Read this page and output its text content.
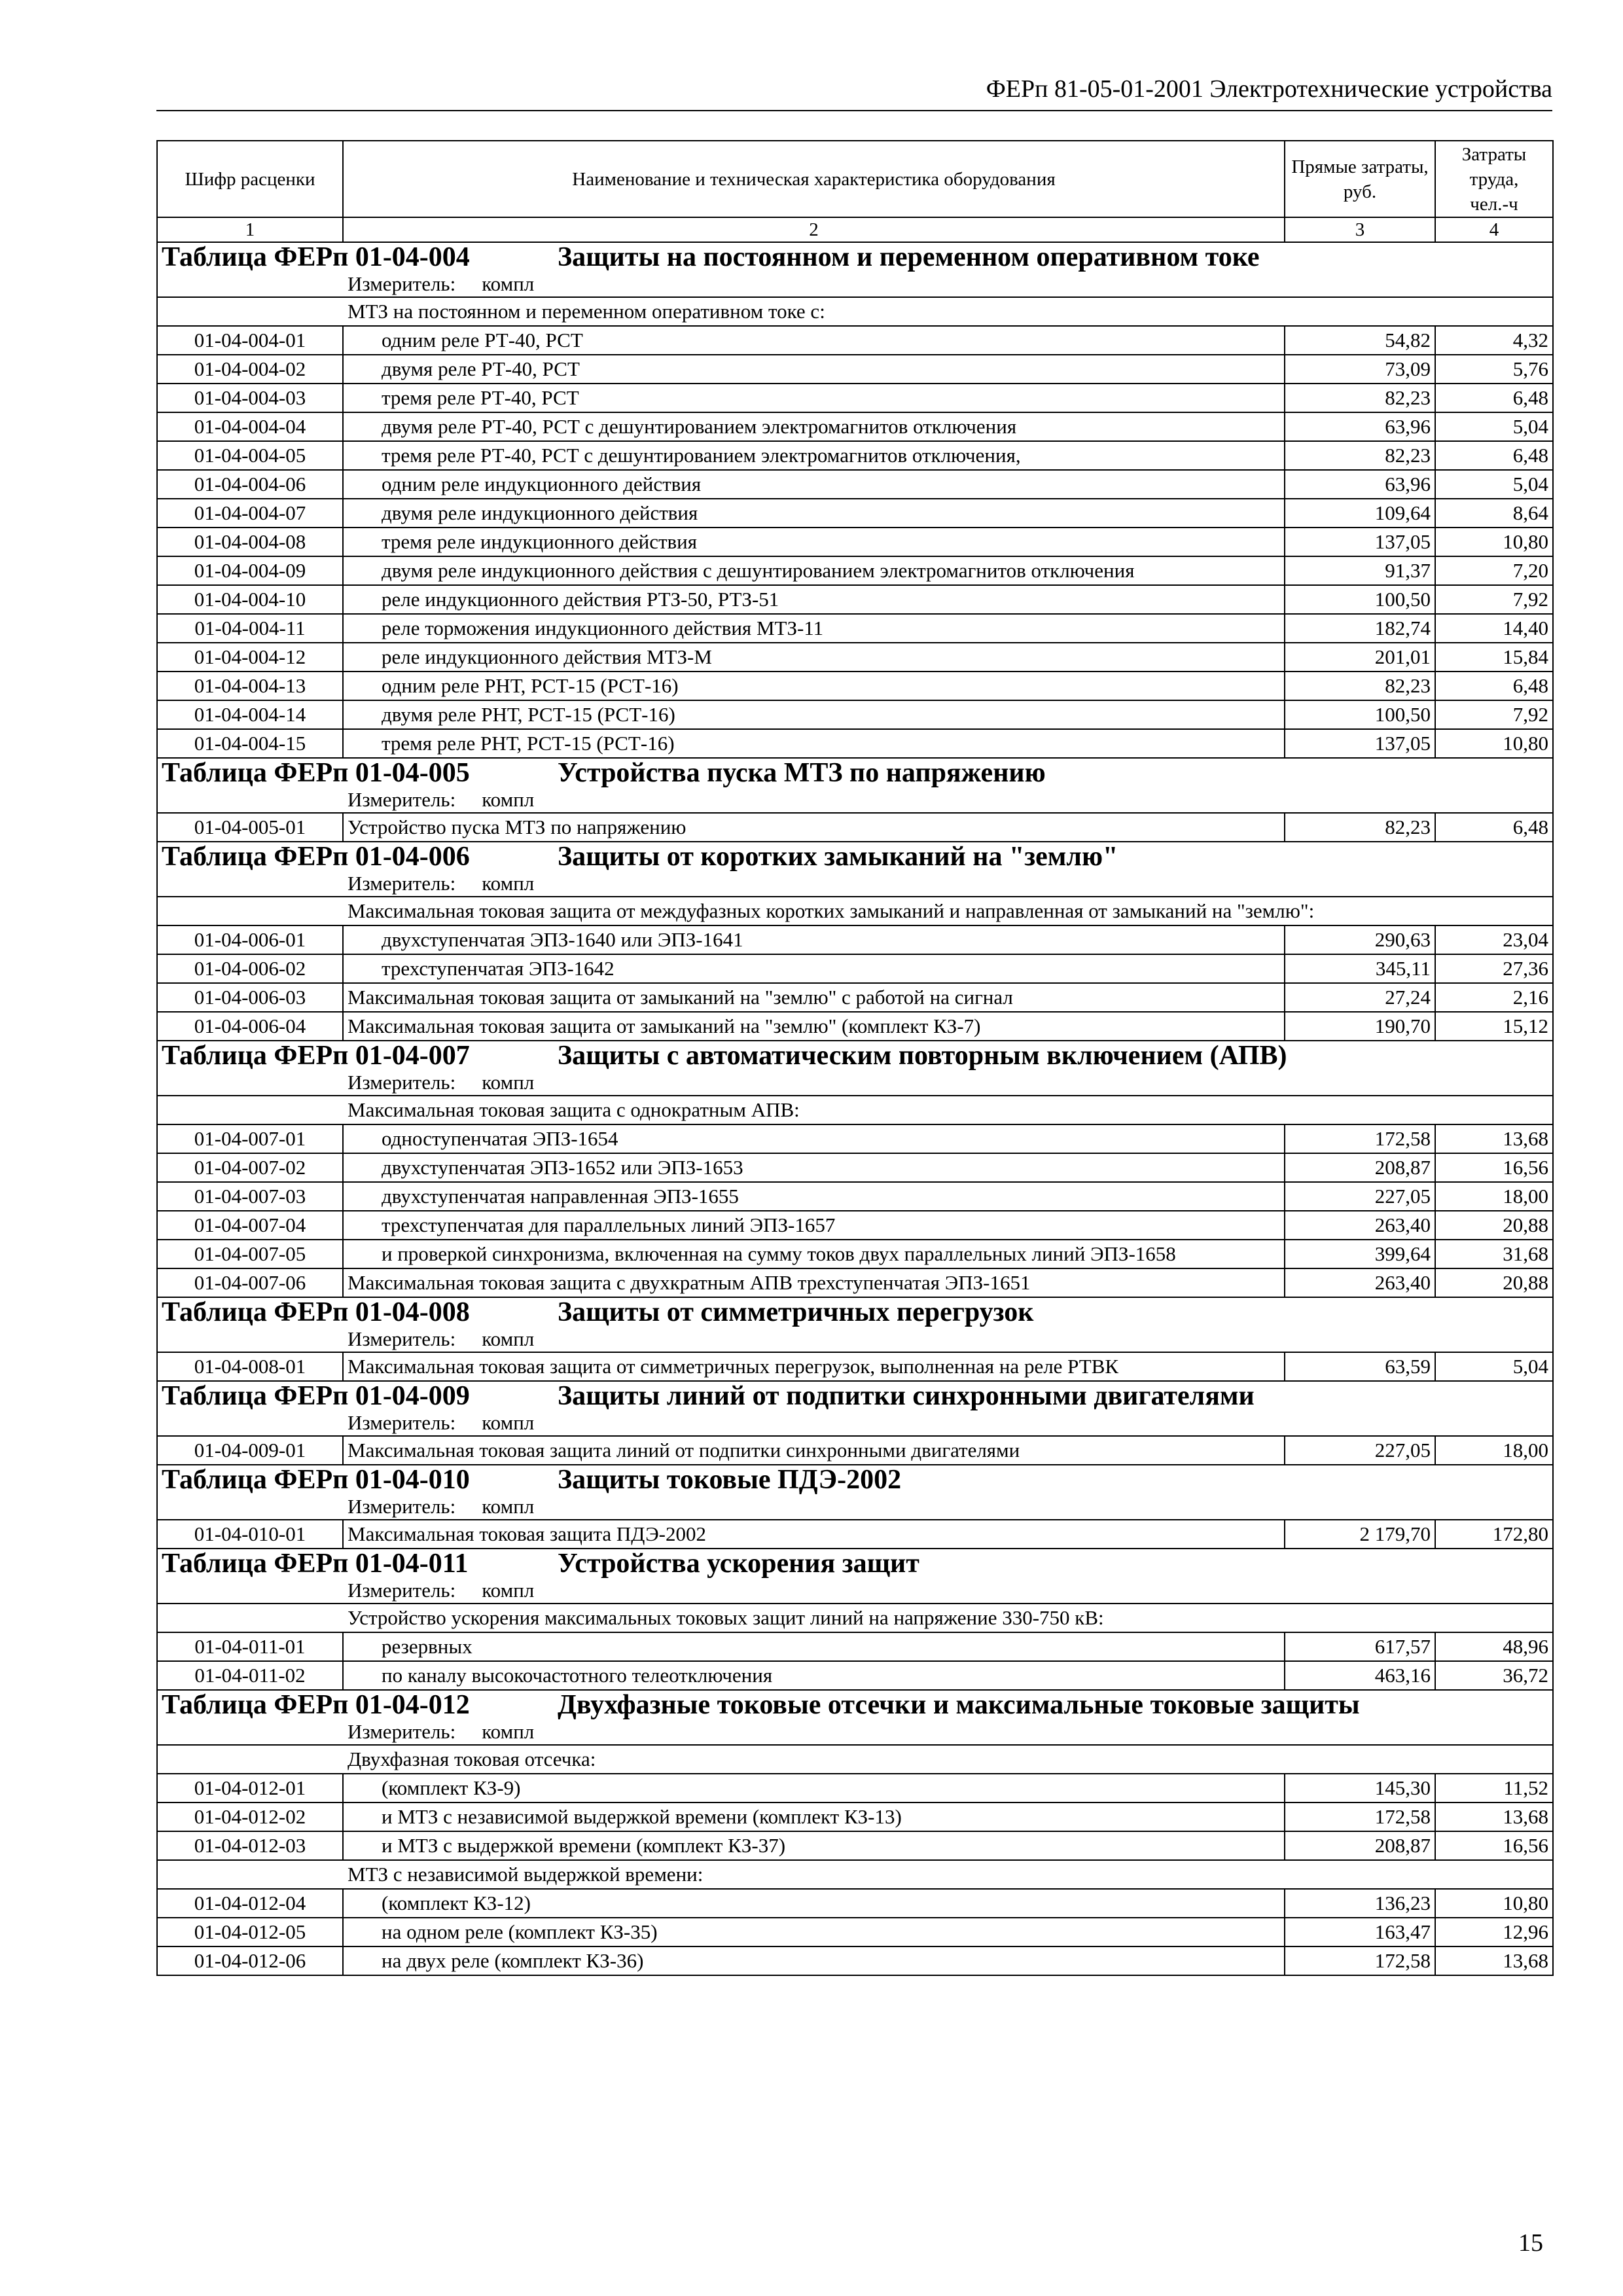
ФЕРп 81-05-01-2001 Электротехнические устройства
Шифр расценки	Наименование и техническая характеристика оборудования	Прямые затраты, руб.	Затраты труда, чел.-ч
1	2	3	4

Таблица ФЕРп 01-04-004 Защиты на постоянном и переменном оперативном токе
Измеритель: компл			

МТЗ на постоянном и переменном оперативном токе с:			
01-04-004-01	одним реле РТ-40, РСТ	54,82	4,32
01-04-004-02	двумя реле РТ-40, РСТ	73,09	5,76
01-04-004-03	тремя реле РТ-40, РСТ	82,23	6,48
01-04-004-04	двумя реле РТ-40, РСТ с дешунтированием электромагнитов отключения	63,96	5,04
01-04-004-05	тремя реле РТ-40, РСТ с дешунтированием электромагнитов отключения,	82,23	6,48
01-04-004-06	одним реле индукционного действия	63,96	5,04
01-04-004-07	двумя реле индукционного действия	109,64	8,64
01-04-004-08	тремя реле индукционного действия	137,05	10,80
01-04-004-09	двумя реле индукционного действия с дешунтированием электромагнитов отключения	91,37	7,20
01-04-004-10	реле индукционного действия РТЗ-50, РТЗ-51	100,50	7,92
01-04-004-11	реле торможения индукционного действия МТЗ-11	182,74	14,40
01-04-004-12	реле индукционного действия МТЗ-М	201,01	15,84
01-04-004-13	одним реле РНТ, РСТ-15 (РСТ-16)	82,23	6,48
01-04-004-14	двумя реле РНТ, РСТ-15 (РСТ-16)	100,50	7,92
01-04-004-15	тремя реле РНТ, РСТ-15 (РСТ-16)	137,05	10,80

Таблица ФЕРп 01-04-005 Устройства пуска МТЗ по напряжению
Измеритель: компл			

01-04-005-01	Устройство пуска МТЗ по напряжению	82,23	6,48

Таблица ФЕРп 01-04-006 Защиты от коротких замыканий на "землю"
Измеритель: компл			

Максимальная токовая защита от междуфазных коротких замыканий и направленная от замыканий на "землю":			
01-04-006-01	двухступенчатая ЭПЗ-1640 или ЭПЗ-1641	290,63	23,04
01-04-006-02	трехступенчатая ЭПЗ-1642	345,11	27,36
01-04-006-03	Максимальная токовая защита от замыканий на "землю" с работой на сигнал	27,24	2,16
01-04-006-04	Максимальная токовая защита от замыканий на "землю" (комплект КЗ-7)	190,70	15,12

Таблица ФЕРп 01-04-007 Защиты с автоматическим повторным включением (АПВ)
Измеритель: компл			

Максимальная токовая защита с однократным АПВ:			
01-04-007-01	одноступенчатая ЭПЗ-1654	172,58	13,68
01-04-007-02	двухступенчатая ЭПЗ-1652 или ЭПЗ-1653	208,87	16,56
01-04-007-03	двухступенчатая направленная ЭПЗ-1655	227,05	18,00
01-04-007-04	трехступенчатая для параллельных линий ЭПЗ-1657	263,40	20,88
01-04-007-05	и проверкой синхронизма, включенная на сумму токов двух параллельных линий ЭПЗ-1658	399,64	31,68
01-04-007-06	Максимальная токовая защита с двухкратным АПВ трехступенчатая ЭПЗ-1651	263,40	20,88

Таблица ФЕРп 01-04-008 Защиты от симметричных перегрузок
Измеритель: компл			

01-04-008-01	Максимальная токовая защита от симметричных перегрузок, выполненная на реле РТВК	63,59	5,04

Таблица ФЕРп 01-04-009 Защиты линий от подпитки синхронными двигателями
Измеритель: компл			

01-04-009-01	Максимальная токовая защита линий от подпитки синхронными двигателями	227,05	18,00

Таблица ФЕРп 01-04-010 Защиты токовые ПДЭ-2002
Измеритель: компл			

01-04-010-01	Максимальная токовая защита ПДЭ-2002	2 179,70	172,80

Таблица ФЕРп 01-04-011 Устройства ускорения защит
Измеритель: компл			

Устройство ускорения максимальных токовых защит линий на напряжение 330-750 кВ:			
01-04-011-01	резервных	617,57	48,96
01-04-011-02	по каналу высокочастотного телеотключения	463,16	36,72

Таблица ФЕРп 01-04-012 Двухфазные токовые отсечки и максимальные токовые защиты
Измеритель: компл			

Двухфазная токовая отсечка:			
01-04-012-01	(комплект КЗ-9)	145,30	11,52
01-04-012-02	и МТЗ с независимой выдержкой времени (комплект КЗ-13)	172,58	13,68
01-04-012-03	и МТЗ с выдержкой времени (комплект КЗ-37)	208,87	16,56
МТЗ с независимой выдержкой времени:			
01-04-012-04	(комплект КЗ-12)	136,23	10,80
01-04-012-05	на одном реле (комплект КЗ-35)	163,47	12,96
01-04-012-06	на двух реле (комплект КЗ-36)	172,58	13,68
15
